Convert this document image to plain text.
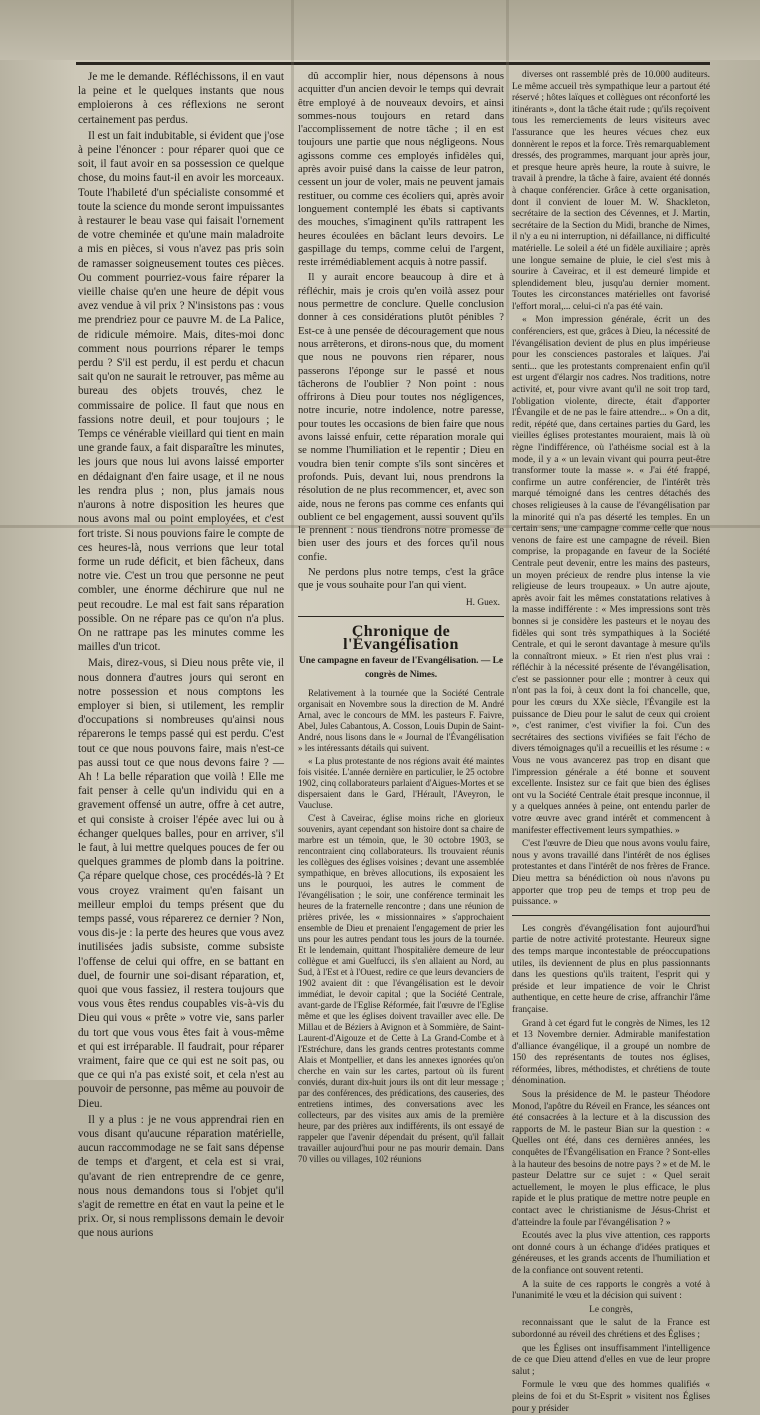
Je me le demande. Réfléchissons, il en vaut la peine et le quelques instants que nous emploierons à ces réflexions ne seront certainement pas perdus.

Il est un fait indubitable, si évident que j'ose à peine l'énoncer : pour réparer quoi que ce soit, il faut avoir en sa possession ce quelque chose, du moins faut-il en avoir les morceaux. Toute l'habileté d'un spécialiste consommé et toute la science du monde seront impuissantes à restaurer le beau vase qui faisait l'ornement de votre cheminée et qu'une main maladroite a mis en pièces, si vous n'avez pas pris soin de ramasser soigneusement toutes ces pièces. Ou comment pourriez-vous faire réparer la vieille chaise qu'en une heure de dépit vous avez vendue à vil prix ? N'insistons pas : vous me prendriez pour ce pauvre M. de La Palice, de ridicule mémoire. Mais, dites-moi donc comment nous pourrions réparer le temps perdu ? S'il est perdu, il est perdu et chacun sait qu'on ne saurait le retrouver, pas même au bureau des objets trouvés, chez le commissaire de police. Il faut que nous en fassions notre deuil, et pour toujours ; le Temps ce vénérable vieillard qui tient en main une grande faux, a fait disparaître les minutes, les jours que nous lui avons laissé emporter en dédaignant d'en faire usage, et il ne nous les rendra plus ; non, plus jamais nous n'aurons à notre disposition les heures que nous avons mal ou point employées, et c'est fort triste. Si nous pouvions faire le compte de ces heures-là, nous verrions que leur total forme un rude déficit, et bien fâcheux, dans notre vie. C'est un trou que personne ne peut combler, une énorme déchirure que nul ne peut recoudre. Le mal est fait sans réparation possible. On ne répare pas ce qu'on n'a plus. On ne rattrape pas les minutes comme les mailles d'un tricot.

Mais, direz-vous, si Dieu nous prête vie, il nous donnera d'autres jours qui seront en notre possession et nous comptons les employer si bien, si utilement, les remplir d'occupations si nombreuses qu'ainsi nous réparerons le temps passé qui est perdu. C'est tout ce que nous pouvons faire, mais n'est-ce pas aussi tout ce que nous devons faire ? — Ah ! La belle réparation que voilà ! Elle me fait penser à celle qu'un individu qui en a gravement offensé un autre, offre à cet autre, et qui consiste à croiser l'épée avec lui ou à échanger quelques balles, pour en arriver, s'il le faut, à lui mettre quelques pouces de fer ou quelques grammes de plomb dans la poitrine. Ça répare quelque chose, ces procédés-là ? Et vous croyez vraiment qu'en faisant un meilleur emploi du temps présent que du temps passé, vous réparerez ce dernier ? Non, vous dis-je : la perte des heures que vous avez inutilisées jadis subsiste, comme subsiste l'offense de celui qui offre, en se battant en duel, de fournir une soi-disant réparation, et, quoi que vous fassiez, il restera toujours que vous vous êtes rendus coupables vis-à-vis du Dieu qui vous « prête » votre vie, sans parler du tort que vous vous êtes fait à vous-même et qui est irréparable. Il faudrait, pour réparer vraiment, faire que ce qui est ne soit pas, ou que ce qui n'a pas existé soit, et cela n'est au pouvoir de personne, pas même au pouvoir de Dieu.

Il y a plus : je ne vous apprendrai rien en vous disant qu'aucune réparation matérielle, aucun raccommodage ne se fait sans dépense de temps et d'argent, et cela est si vrai, qu'avant de rien entreprendre de ce genre, nous nous demandons tous si l'objet qu'il s'agit de remettre en état en vaut la peine et le prix. Or, si nous remplissons demain le devoir que nous aurions

dû accomplir hier, nous dépensons à nous acquitter d'un ancien devoir le temps qui devrait être employé à de nouveaux devoirs, et ainsi sommes-nous toujours en retard dans l'accomplissement de notre tâche ; il en est toujours une partie que nous négligeons. Nous agissons comme ces employés infidèles qui, après avoir puisé dans la caisse de leur patron, cessent un jour de voler, mais ne peuvent jamais restituer, ou comme ces écoliers qui, après avoir longuement contemplé les ébats si captivants des mouches, s'imaginent qu'ils rattrapent les heures écoulées en bâclant leurs devoirs. Le gaspillage du temps, comme celui de l'argent, reste irrémédiablement acquis à notre passif.

Il y aurait encore beaucoup à dire et à réfléchir, mais je crois qu'en voilà assez pour nous permettre de conclure. Quelle conclusion donner à ces considérations plutôt pénibles ? Est-ce à une pensée de découragement que nous nous arrêterons, et dirons-nous que, du moment que nous ne pouvons rien réparer, nous passerons l'éponge sur le passé et nous tâcherons de l'oublier ? Non point : nous offrirons à Dieu pour toutes nos négligences, notre incurie, notre indolence, notre paresse, pour toutes les occasions de bien faire que nous avons laissé enfuir, cette réparation morale qui se nomme l'humiliation et le repentir ; Dieu en voudra bien tenir compte s'ils sont sincères et profonds. Puis, devant lui, nous prendrons la résolution de ne plus recommencer, et, avec son aide, nous ne ferons pas comme ces enfants qui oublient ce bel engagement, aussi souvent qu'ils le prennent : nous tiendrons notre promesse de bien user des jours et des forces qu'il nous confie.

Ne perdons plus notre temps, c'est la grâce que je vous souhaite pour l'an qui vient.

H. Guex.
Chronique de l'Évangélisation
Une campagne en faveur de l'Evangélisation. — Le congrès de Nimes.

Relativement à la tournée que la Société Centrale organisait en Novembre sous la direction de M. André Arnal, avec le concours de MM. les pasteurs F. Faivre, Abel, Jules Cabantous, A. Cosson, Louis Dupin de Saint-André, nous lisons dans le « Journal de l'Évangélisation » les intéressants détails qui suivent.

« La plus protestante de nos régions avait été maintes fois visitée. L'année dernière en particulier, le 25 octobre 1902, cinq collaborateurs parlaient d'Aigues-Mortes et se dispersaient dans le Gard, l'Hérault, l'Aveyron, le Vaucluse.

C'est à Caveirac, église moins riche en glorieux souvenirs, ayant cependant son histoire dont sa chaire de marbre est un témoin, que, le 30 octobre 1903, se rencontraient cinq collaborateurs. Ils trouvaient réunis les collègues des églises voisines ; devant une assemblée sympathique, en brèves allocutions, ils exposaient les uns le pourquoi, les autres le comment de l'évangélisation ; le soir, une conférence terminait les heures de la fraternelle rencontre ; dans une réunion de prières privée, les « missionnaires » s'approchaient ensemble de Dieu et prenaient l'engagement de prier les uns pour les autres pendant tous les jours de la tournée. Et le lendemain, quittant l'hospitalière demeure de leur collègue et ami Guelfucci, ils s'en allaient au Nord, au Sud, à l'Est et à l'Ouest, redire ce que leurs devanciers de 1902 avaient dit : que l'évangélisation est le devoir immédiat, le devoir capital ; que la Société Centrale, avant-garde de l'Eglise Réformée, fait l'œuvre de l'Eglise même et que les églises doivent travailler avec elle. De Millau et de Béziers à Avignon et à Sommière, de Saint-Laurent-d'Aigouze et de Cette à La Grand-Combe et à l'Estréchure, dans les grands centres protestants comme Alais et Montpellier, et dans les annexes ignorées qu'on cherche en vain sur les cartes, partout où ils furent conviés, durant dix-huit jours ils ont dit leur message ; par des conférences, des prédications, des causeries, des entretiens intimes, des conversations avec les collecteurs, par des visites aux amis de la première heure, par des prières aux indifférents, ils ont essayé de rappeler que l'avenir dépendait du présent, qu'il fallait travailler aujourd'hui pour ne pas mourir demain. Dans 70 villes ou villages, 102 réunions

diverses ont rassemblé près de 10.000 auditeurs. Le même accueil très sympathique leur a partout été réservé ; hôtes laïques et collègues ont réconforté les itinérants », dont la tâche était rude ; qu'ils reçoivent tous les remerciements de leurs visiteurs avec l'assurance que les heures vécues chez eux donnèrent le repos et la force. Très remarquablement dressés, des programmes, marquant jour après jour, et presque heure après heure, la route à suivre, le travail à prendre, la tâche à faire, avaient été donnés à chaque conférencier. Grâce à cette organisation, dont il convient de louer M. W. Shackleton, secrétaire de la section des Cévennes, et J. Martin, secrétaire de la Section du Midi, branche de Nimes, il n'y a eu ni interruption, ni défaillance, ni difficulté matérielle. Le soleil a été un fidèle auxiliaire ; après une longue semaine de pluie, le ciel s'est mis à sourire à Caveirac, et il est demeuré limpide et splendidement bleu, jusqu'au dernier moment. Toutes les circonstances matérielles ont favorisé l'effort moral,... celui-ci n'a pas été vain.

« Mon impression générale, écrit un des conférenciers, est que, grâces à Dieu, la nécessité de l'évangélisation devient de plus en plus impérieuse pour les consciences pastorales et laïques. J'ai senti... que les protestants comprenaient enfin qu'il est urgent d'élargir nos cadres. Nos traditions, notre activité, et, pour vivre avant qu'il ne soit trop tard, l'obligation violente, directe, était d'apporter l'Évangile et de ne pas le faire attendre... » On a dit, redit, répété que, dans certaines parties du Gard, les vieilles églises protestantes mouraient, mais là où règne l'indifférence, où l'athéisme social est à la mode, il y a « un levain vivant qui pourra peut-être transformer toute la masse ». « J'ai été frappé, confirme un autre conférencier, de l'intérêt très marqué témoigné dans les centres détachés des choses religieuses à la cause de l'évangélisation par la minorité qui n'a pas déserté les temples. En un certain sens, une campagne comme celle que nous venons de faire est une campagne de réveil. Bien comprise, la propagande en faveur de la Société Centrale peut devenir, entre les mains des pasteurs, un moyen précieux de rendre plus intense la vie religieuse de leurs troupeaux. » Un autre ajoute, après avoir fait les mêmes constatations relatives à la masse indifférente : « Mes impressions sont très bonnes si je considère les pasteurs et le noyau des fidèles qui sont très sympathiques à la Société Centrale, et qui le seront davantage à mesure qu'ils la connaîtront mieux. » Et rien n'est plus vrai : réfléchir à la nécessité présente de l'évangélisation, c'est se passionner pour elle ; montrer à ceux qui n'ont pas la foi, à ceux dont la foi chancelle, que, pour les cœurs du XXe siècle, l'Évangile est la puissance de Dieu pour le salut de ceux qui croient », c'est ranimer, c'est vivifier la foi. C'un des secrétaires des sections vivifiées se fait l'écho de divers témoignages qu'il a recueillis et les résume : « Vous ne vous avancerez pas trop en disant que l'impression générale a été bonne et souvent excellente. Insistez sur ce fait que bien des églises ont vu la Société Centrale était presque inconnue, il y a quelques années à peine, ont entendu parler de votre œuvre avec grand intérêt et commencent à manifester effectivement leurs sympathies. »

C'est l'œuvre de Dieu que nous avons voulu faire, nous y avons travaillé dans l'intérêt de nos églises protestantes et dans l'intérêt de nos frères de France. Dieu mettra sa bénédiction où nous n'avons pu apporter que trop peu de temps et trop peu de puissance. »

Les congrès d'évangélisation font aujourd'hui partie de notre activité protestante. Heureux signe des temps marque incontestable de préoccupations utiles, ils deviennent de plus en plus passionnants dans les questions qu'ils traitent, l'esprit qui y préside et leur impatience de voir le Christ authentique, en cette heure de crise, affranchir l'âme française.

Grand à cet égard fut le congrès de Nimes, les 12 et 13 Novembre dernier. Admirable manifestation d'alliance évangélique, il a groupé un nombre de 150 des représentants de toutes nos églises, réformées, libres, méthodistes, et chrétiens de toute dénomination.

Sous la présidence de M. le pasteur Théodore Monod, l'apôtre du Réveil en France, les séances ont été consacrées à la lecture et à la discussion des rapports de M. le pasteur Bian sur la question : « Quelles ont été, dans ces dernières années, les conquêtes de l'Évangélisation en France ? Sont-elles à la hauteur des besoins de notre pays ? » et de M. le pasteur Delattre sur ce sujet : « Quel serait actuellement, le moyen le plus efficace, le plus rapide et le plus pratique de mettre notre peuple en contact avec le christianisme de Jésus-Christ et d'atteindre la foule par l'évangélisation ? »

Ecoutés avec la plus vive attention, ces rapports ont donné cours à un échange d'idées pratiques et généreuses, et les grands accents de l'humiliation et de la confiance ont souvent retenti.

A la suite de ces rapports le congrès a voté à l'unanimité le vœu et la décision qui suivent :

Le congrès,

reconnaissant que le salut de la France est subordonné au réveil des chrétiens et des Églises ;

que les Églises ont insuffisamment l'intelligence de ce que Dieu attend d'elles en vue de leur propre salut ;

Formule le vœu que des hommes qualifiés « pleins de foi et du St-Esprit » visitent nos Églises pour y présider
